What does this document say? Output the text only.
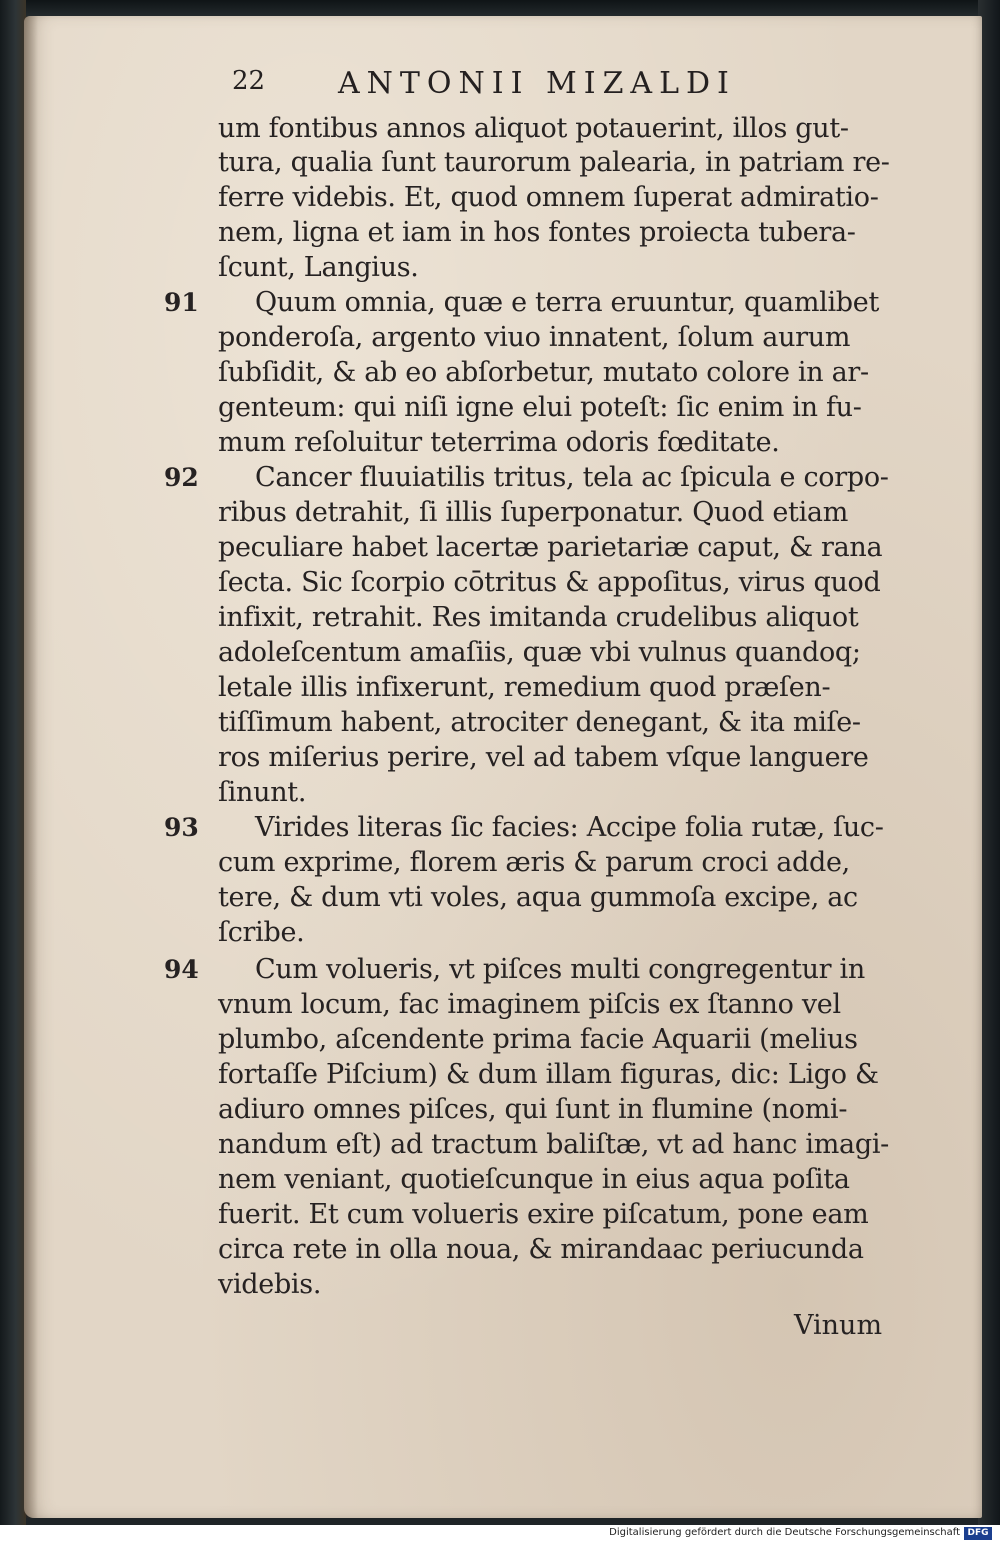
22 ANTONII MIZALDI
um fontibus annos aliquot potauerint, illos gut-
tura, qualia ſunt taurorum palearia, in patriam re-
ferre videbis. Et, quod omnem ſuperat admiratio-
nem, ligna et iam in hos fontes proiecta tubera-
ſcunt, Langius.
91	Quum omnia, quæ e terra eruuntur, quamlibet
ponderoſa, argento viuo innatent, ſolum aurum
ſubſidit, & ab eo abſorbetur, mutato colore in ar-
genteum: qui niſi igne elui poteſt: ſic enim in fu-
mum reſoluitur teterrima odoris fœditate.
92	Cancer fluuiatilis tritus, tela ac ſpicula e corpo-
ribus detrahit, ſi illis ſuperponatur. Quod etiam
peculiare habet lacertæ parietariæ caput, & rana
ſecta. Sic ſcorpio cōtritus & appoſitus, virus quod
infixit, retrahit. Res imitanda crudelibus aliquot
adoleſcentum amaſiis, quæ vbi vulnus quandoq;
letale illis infixerunt, remedium quod præſen-
tiſſimum habent, atrociter denegant, & ita miſe-
ros miſerius perire, vel ad tabem vſque languere
ſinunt.
93	Virides literas ſic facies: Accipe folia rutæ, ſuc-
cum exprime, florem æris & parum croci adde,
tere, & dum vti voles, aqua gummoſa excipe, ac
ſcribe.
94	Cum volueris, vt piſces multi congregentur in
vnum locum, fac imaginem piſcis ex ſtanno vel
plumbo, aſcendente prima facie Aquarii (melius
fortaſſe Piſcium) & dum illam figuras, dic: Ligo &
adiuro omnes piſces, qui ſunt in flumine (nomi-
nandum eſt) ad tractum baliſtæ, vt ad hanc imagi-
nem veniant, quotieſcunque in eius aqua poſita
fuerit. Et cum volueris exire piſcatum, pone eam
circa rete in olla noua, & mirandaac periucunda
videbis.
Vinum
Digitalisierung gefördert durch die Deutsche Forschungsgemeinschaft DFG
